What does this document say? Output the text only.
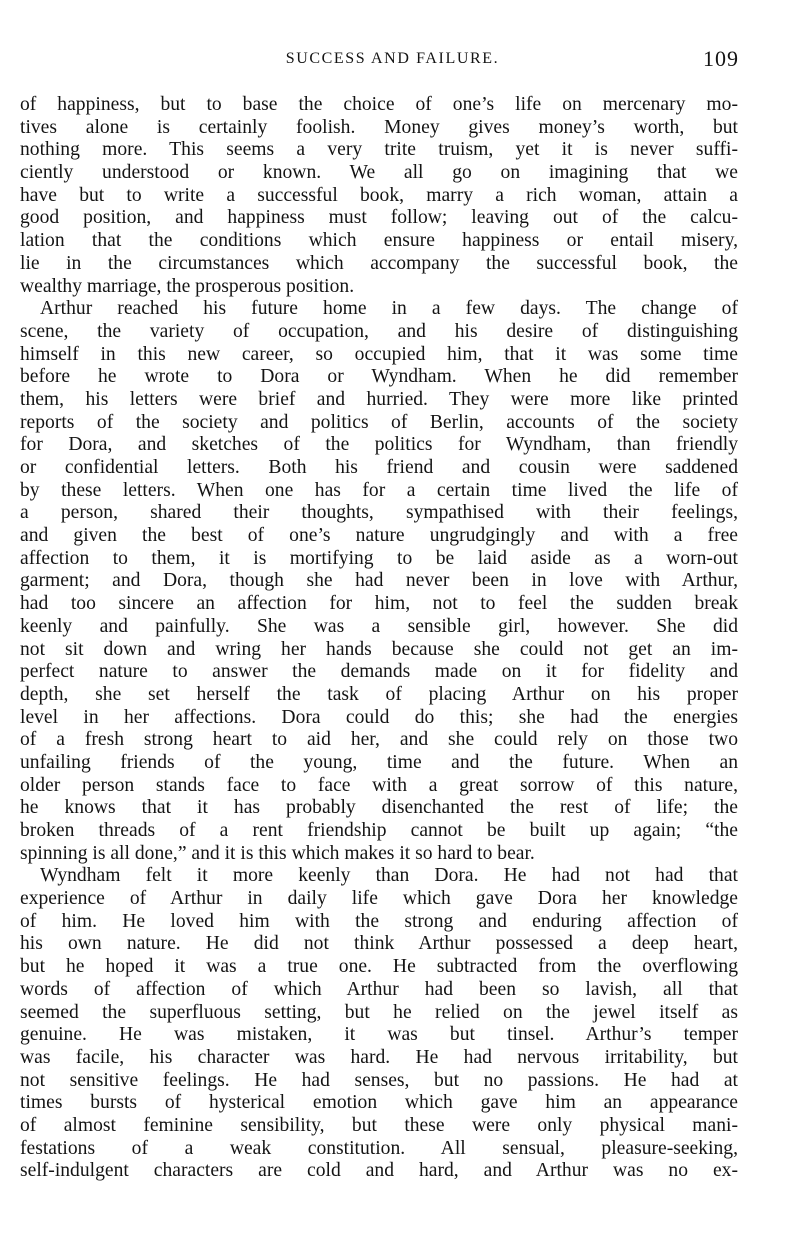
SUCCESS AND FAILURE.	109
of happiness, but to base the choice of one’s life on mercenary mo-
tives alone is certainly foolish. Money gives money’s worth, but
nothing more. This seems a very trite truism, yet it is never suffi-
ciently understood or known. We all go on imagining that we
have but to write a successful book, marry a rich woman, attain a
good position, and happiness must follow; leaving out of the calcu-
lation that the conditions which ensure happiness or entail misery,
lie in the circumstances which accompany the successful book, the
wealthy marriage, the prosperous position.
Arthur reached his future home in a few days. The change of
scene, the variety of occupation, and his desire of distinguishing
himself in this new career, so occupied him, that it was some time
before he wrote to Dora or Wyndham. When he did remember
them, his letters were brief and hurried. They were more like printed
reports of the society and politics of Berlin, accounts of the society
for Dora, and sketches of the politics for Wyndham, than friendly
or confidential letters. Both his friend and cousin were saddened
by these letters. When one has for a certain time lived the life of
a person, shared their thoughts, sympathised with their feelings,
and given the best of one’s nature ungrudgingly and with a free
affection to them, it is mortifying to be laid aside as a worn-out
garment; and Dora, though she had never been in love with Arthur,
had too sincere an affection for him, not to feel the sudden break
keenly and painfully. She was a sensible girl, however. She did
not sit down and wring her hands because she could not get an im-
perfect nature to answer the demands made on it for fidelity and
depth, she set herself the task of placing Arthur on his proper
level in her affections. Dora could do this; she had the energies
of a fresh strong heart to aid her, and she could rely on those two
unfailing friends of the young, time and the future. When an
older person stands face to face with a great sorrow of this nature,
he knows that it has probably disenchanted the rest of life; the
broken threads of a rent friendship cannot be built up again; “the
spinning is all done,” and it is this which makes it so hard to bear.
Wyndham felt it more keenly than Dora. He had not had that
experience of Arthur in daily life which gave Dora her knowledge
of him. He loved him with the strong and enduring affection of
his own nature. He did not think Arthur possessed a deep heart,
but he hoped it was a true one. He subtracted from the overflowing
words of affection of which Arthur had been so lavish, all that
seemed the superfluous setting, but he relied on the jewel itself as
genuine. He was mistaken, it was but tinsel. Arthur’s temper
was facile, his character was hard. He had nervous irritability, but
not sensitive feelings. He had senses, but no passions. He had at
times bursts of hysterical emotion which gave him an appearance
of almost feminine sensibility, but these were only physical mani-
festations of a weak constitution. All sensual, pleasure-seeking,
self-indulgent characters are cold and hard, and Arthur was no ex-
